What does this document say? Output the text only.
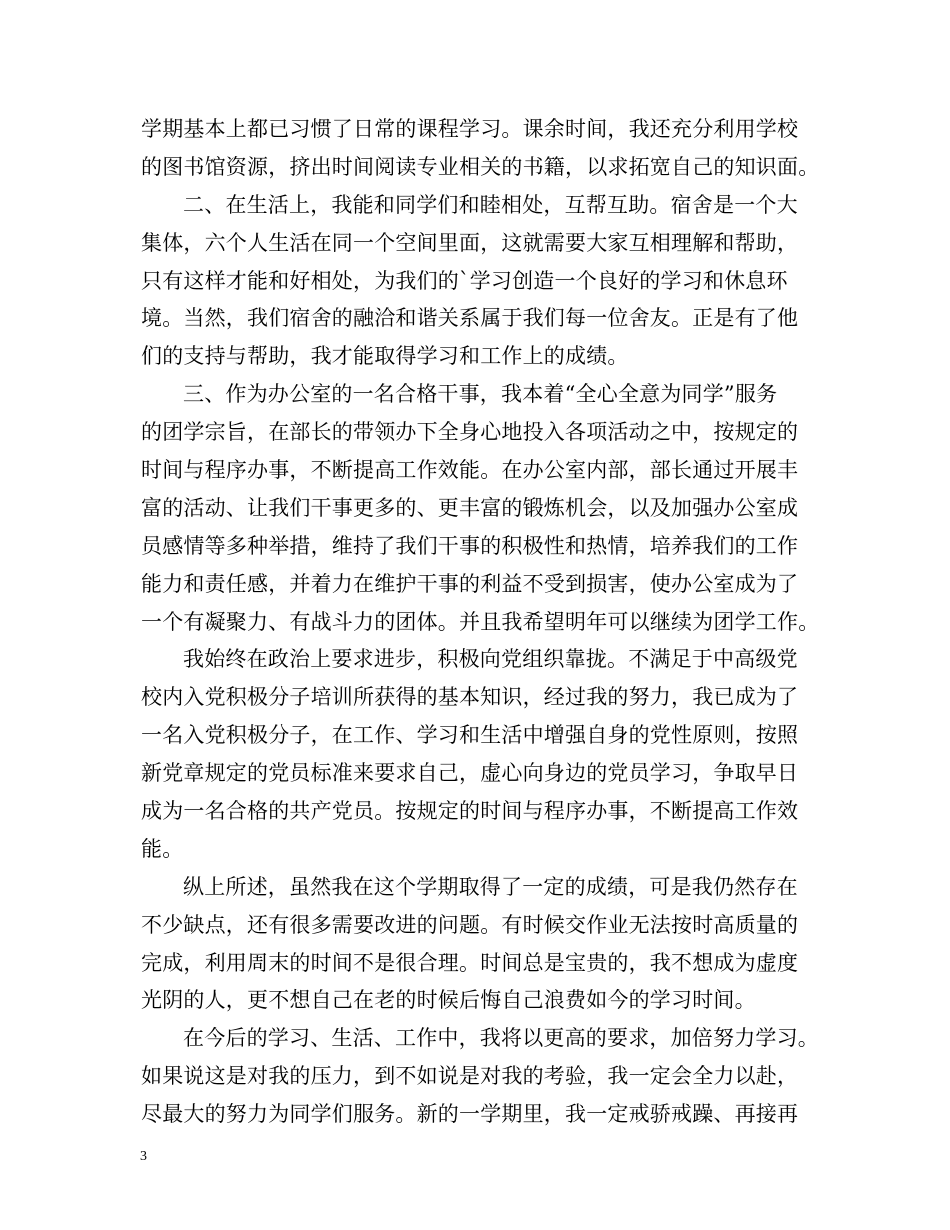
学期基本上都已习惯了日常的课程学习。课余时间，我还充分利用学校
的图书馆资源，挤出时间阅读专业相关的书籍，以求拓宽自己的知识面。
二、在生活上，我能和同学们和睦相处，互帮互助。宿舍是一个大
集体，六个人生活在同一个空间里面，这就需要大家互相理解和帮助，
只有这样才能和好相处，为我们的`学习创造一个良好的学习和休息环
境。当然，我们宿舍的融洽和谐关系属于我们每一位舍友。正是有了他
们的支持与帮助，我才能取得学习和工作上的成绩。
三、作为办公室的一名合格干事，我本着“全心全意为同学”服务
的团学宗旨，在部长的带领办下全身心地投入各项活动之中，按规定的
时间与程序办事，不断提高工作效能。在办公室内部，部长通过开展丰
富的活动、让我们干事更多的、更丰富的锻炼机会，以及加强办公室成
员感情等多种举措，维持了我们干事的积极性和热情，培养我们的工作
能力和责任感，并着力在维护干事的利益不受到损害，使办公室成为了
一个有凝聚力、有战斗力的团体。并且我希望明年可以继续为团学工作。
我始终在政治上要求进步，积极向党组织靠拢。不满足于中高级党
校内入党积极分子培训所获得的基本知识，经过我的努力，我已成为了
一名入党积极分子，在工作、学习和生活中增强自身的党性原则，按照
新党章规定的党员标准来要求自己，虚心向身边的党员学习，争取早日
成为一名合格的共产党员。按规定的时间与程序办事，不断提高工作效
能。
纵上所述，虽然我在这个学期取得了一定的成绩，可是我仍然存在
不少缺点，还有很多需要改进的问题。有时候交作业无法按时高质量的
完成，利用周末的时间不是很合理。时间总是宝贵的，我不想成为虚度
光阴的人，更不想自己在老的时候后悔自己浪费如今的学习时间。
在今后的学习、生活、工作中，我将以更高的要求，加倍努力学习。
如果说这是对我的压力，到不如说是对我的考验，我一定会全力以赴，
尽最大的努力为同学们服务。新的一学期里，我一定戒骄戒躁、再接再
3
